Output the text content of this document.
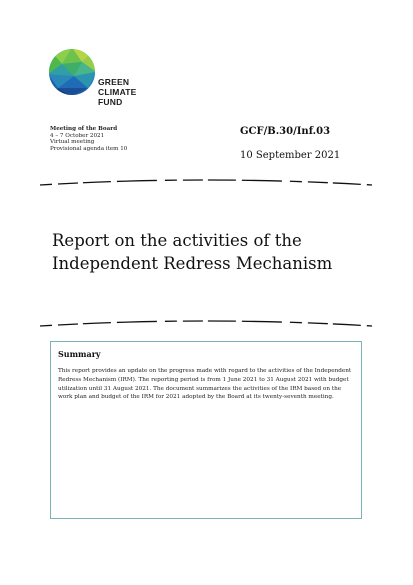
GREEN
CLIMATE
FUND
Meeting of the Board
4 – 7 October 2021
Virtual meeting
Provisional agenda item 10
GCF/B.30/Inf.03
10 September 2021
Report on the activities of the
Independent Redress Mechanism
Summary
This report provides an update on the progress made with regard to the activities of the Independent Redress Mechanism (IRM). The reporting period is from 1 June 2021 to 31 August 2021 with budget utilization until 31 August 2021. The document summarizes the activities of the IRM based on the work plan and budget of the IRM for 2021 adopted by the Board at its twenty-seventh meeting.
